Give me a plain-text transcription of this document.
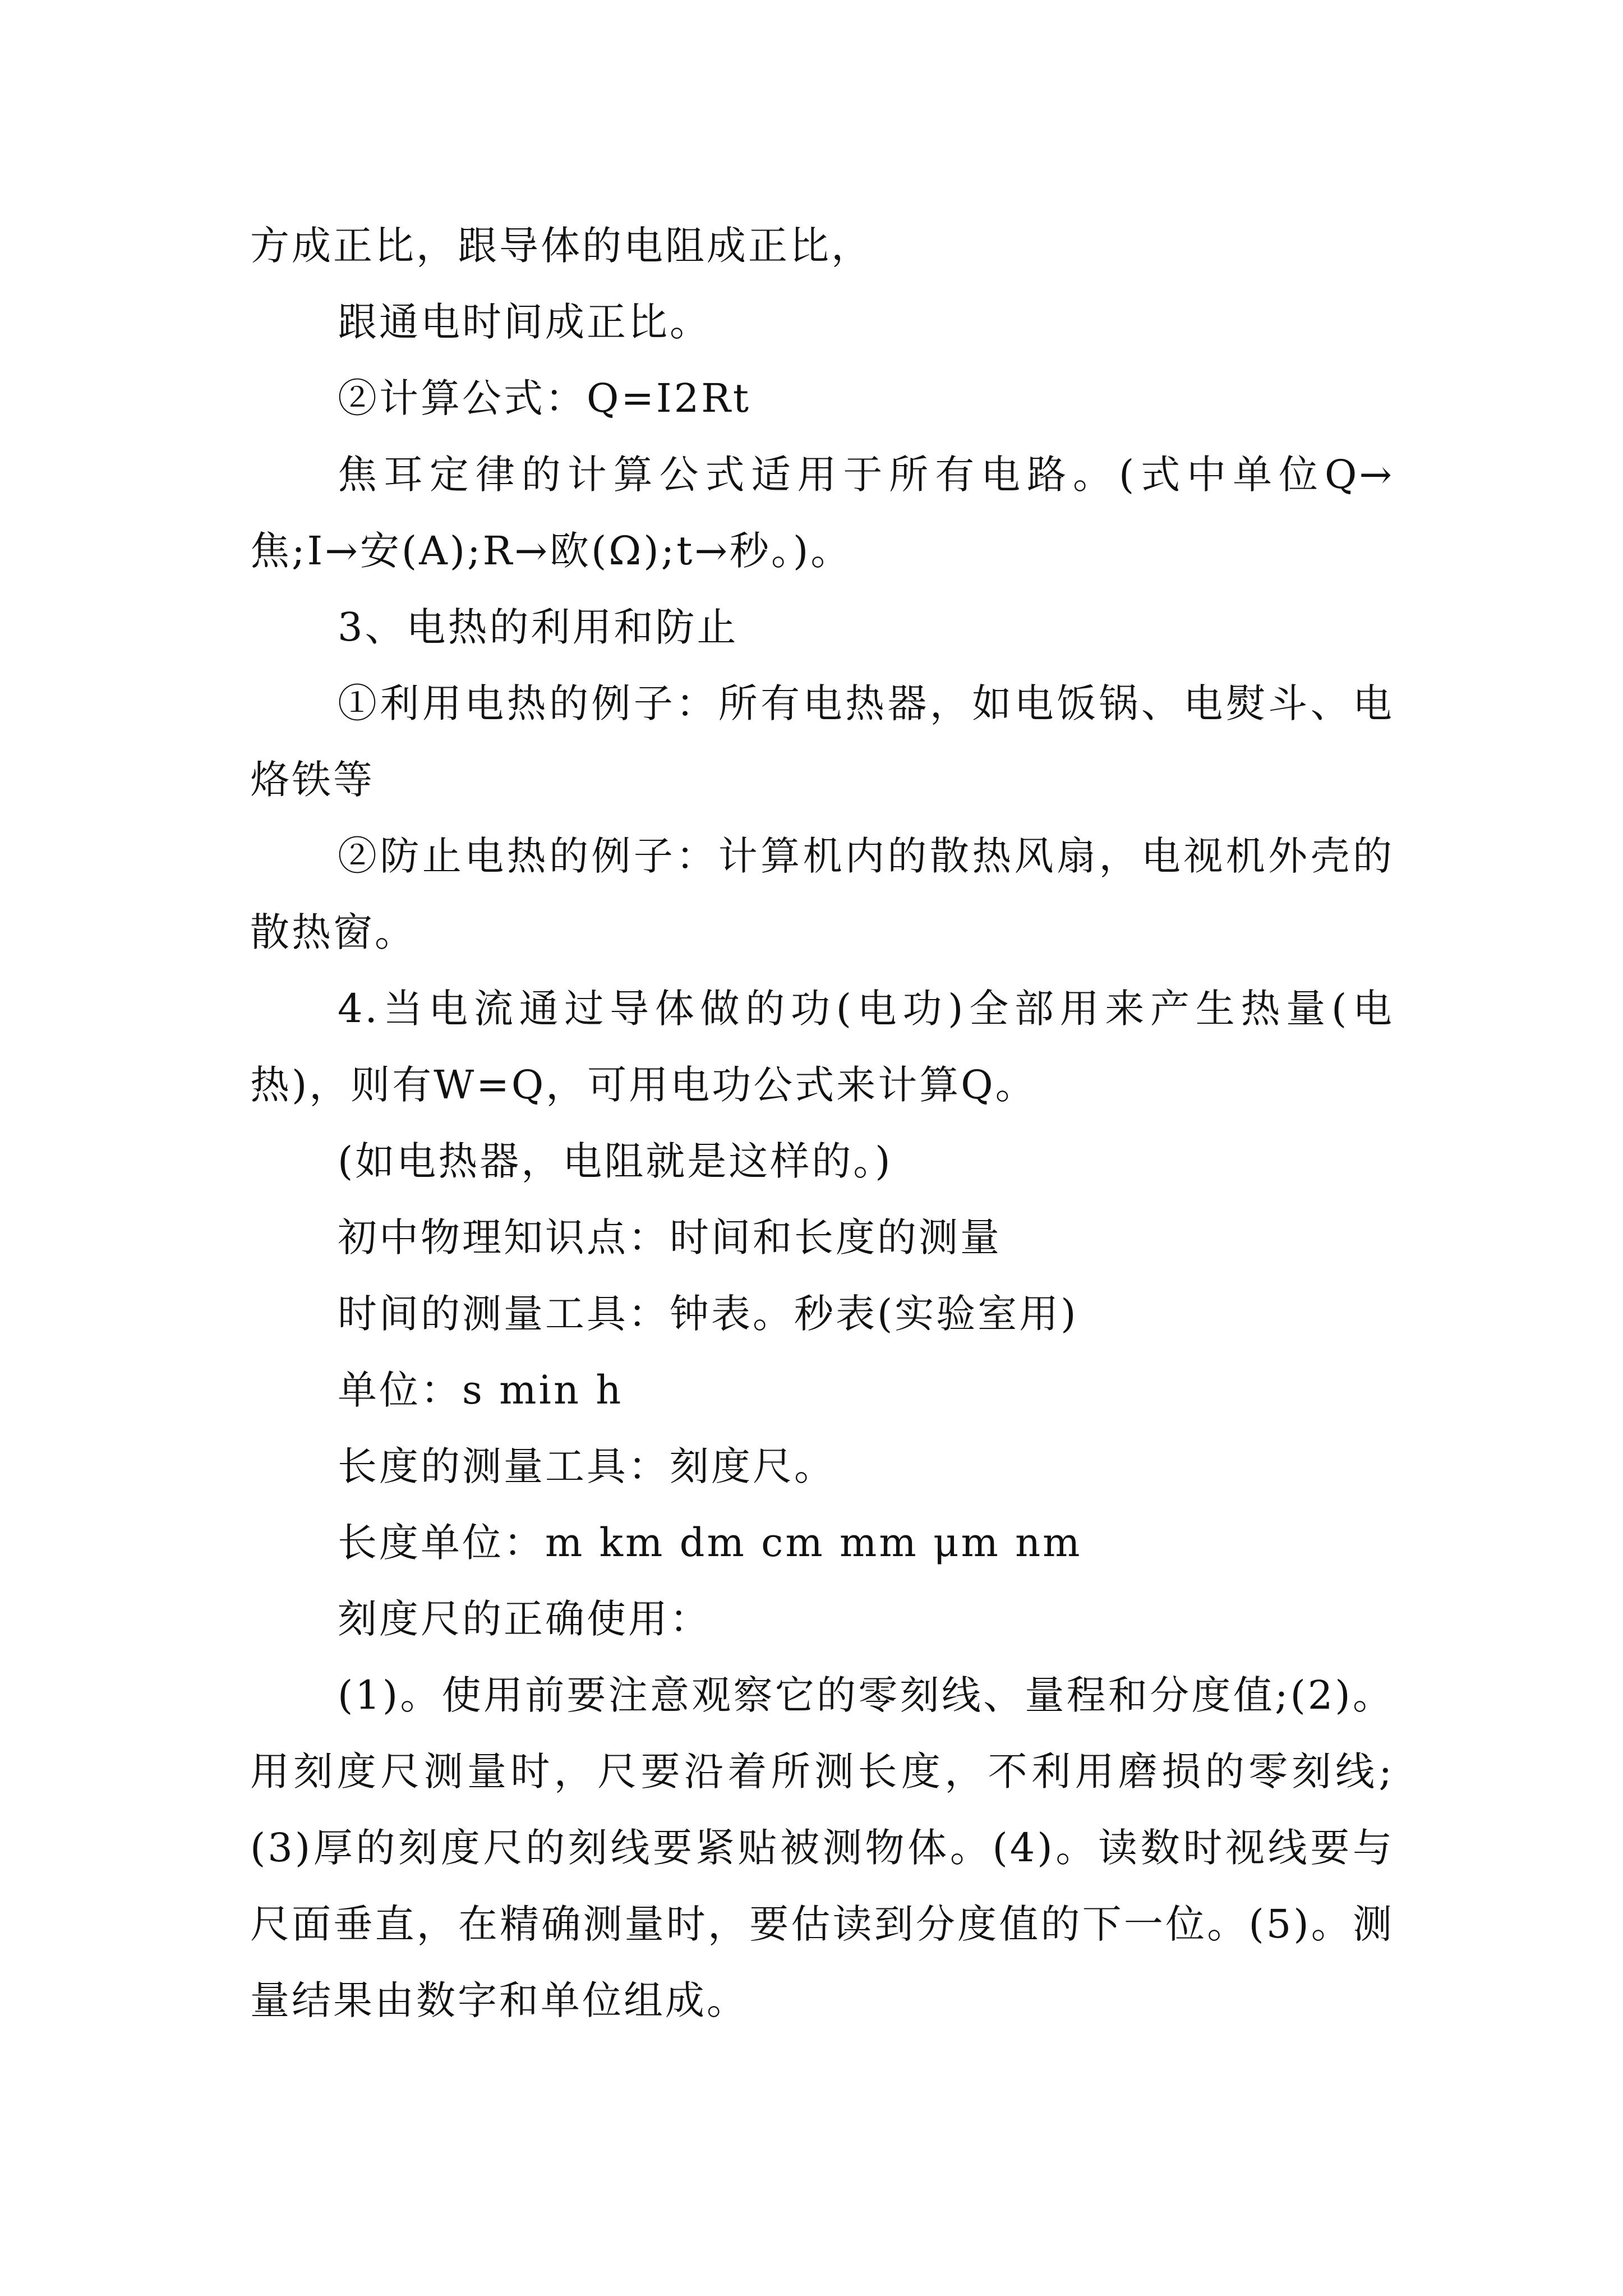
方成正比，跟导体的电阻成正比，

跟通电时间成正比。

②计算公式：Q=I2Rt

焦耳定律的计算公式适用于所有电路。(式中单位Q→焦;I→安(A);R→欧(Ω);t→秒。)。

3、电热的利用和防止

①利用电热的例子：所有电热器，如电饭锅、电熨斗、电烙铁等

②防止电热的例子：计算机内的散热风扇，电视机外壳的散热窗。

4.当电流通过导体做的功(电功)全部用来产生热量(电热)，则有W=Q，可用电功公式来计算Q。

(如电热器，电阻就是这样的。)

初中物理知识点：时间和长度的测量

时间的测量工具：钟表。秒表(实验室用)

单位：s min h

长度的测量工具：刻度尺。

长度单位：m km dm cm mm μm nm

刻度尺的正确使用：

(1)。使用前要注意观察它的零刻线、量程和分度值;(2)。用刻度尺测量时，尺要沿着所测长度，不利用磨损的零刻线;(3)厚的刻度尺的刻线要紧贴被测物体。(4)。读数时视线要与尺面垂直，在精确测量时，要估读到分度值的下一位。(5)。测量结果由数字和单位组成。
